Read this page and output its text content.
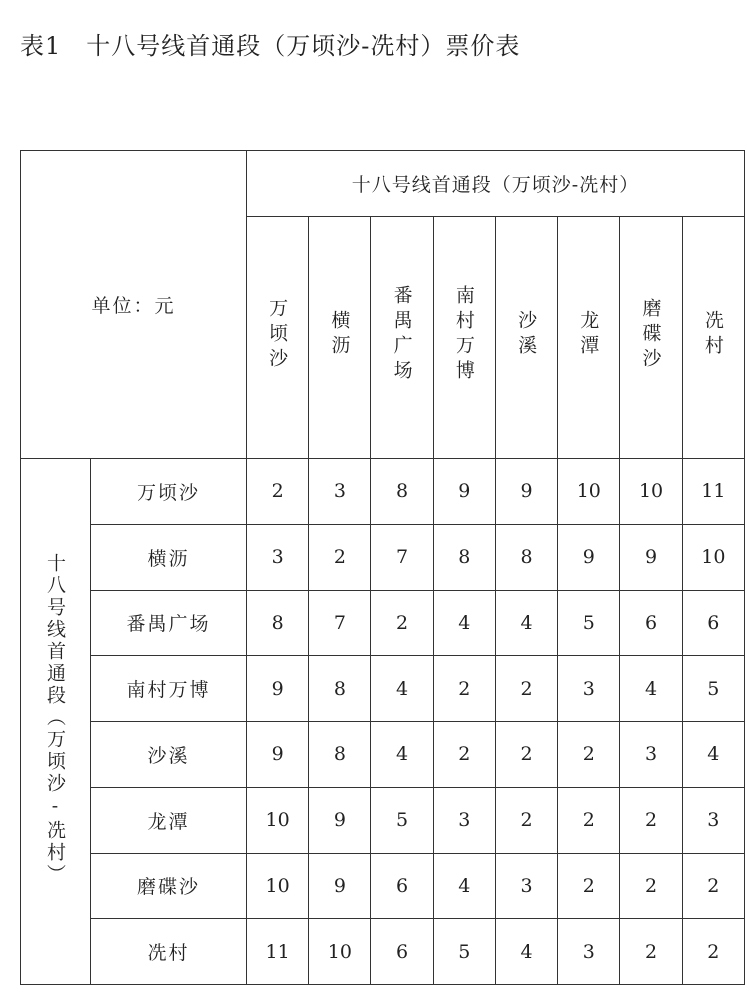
表1　十八号线首通段（万顷沙-冼村）票价表
单位：元		十八号线首通段（万顷沙-冼村）							
		万顷沙	横沥	番禺广场	南村万博	沙溪	龙潭	磨碟沙	冼村
十八号线首通段（万顷沙-冼村）	万顷沙	2	3	8	9	9	10	10	11
	横沥	3	2	7	8	8	9	9	10
	番禺广场	8	7	2	4	4	5	6	6
	南村万博	9	8	4	2	2	3	4	5
	沙溪	9	8	4	2	2	2	3	4
	龙潭	10	9	5	3	2	2	2	3
	磨碟沙	10	9	6	4	3	2	2	2
	冼村	11	10	6	5	4	3	2	2
